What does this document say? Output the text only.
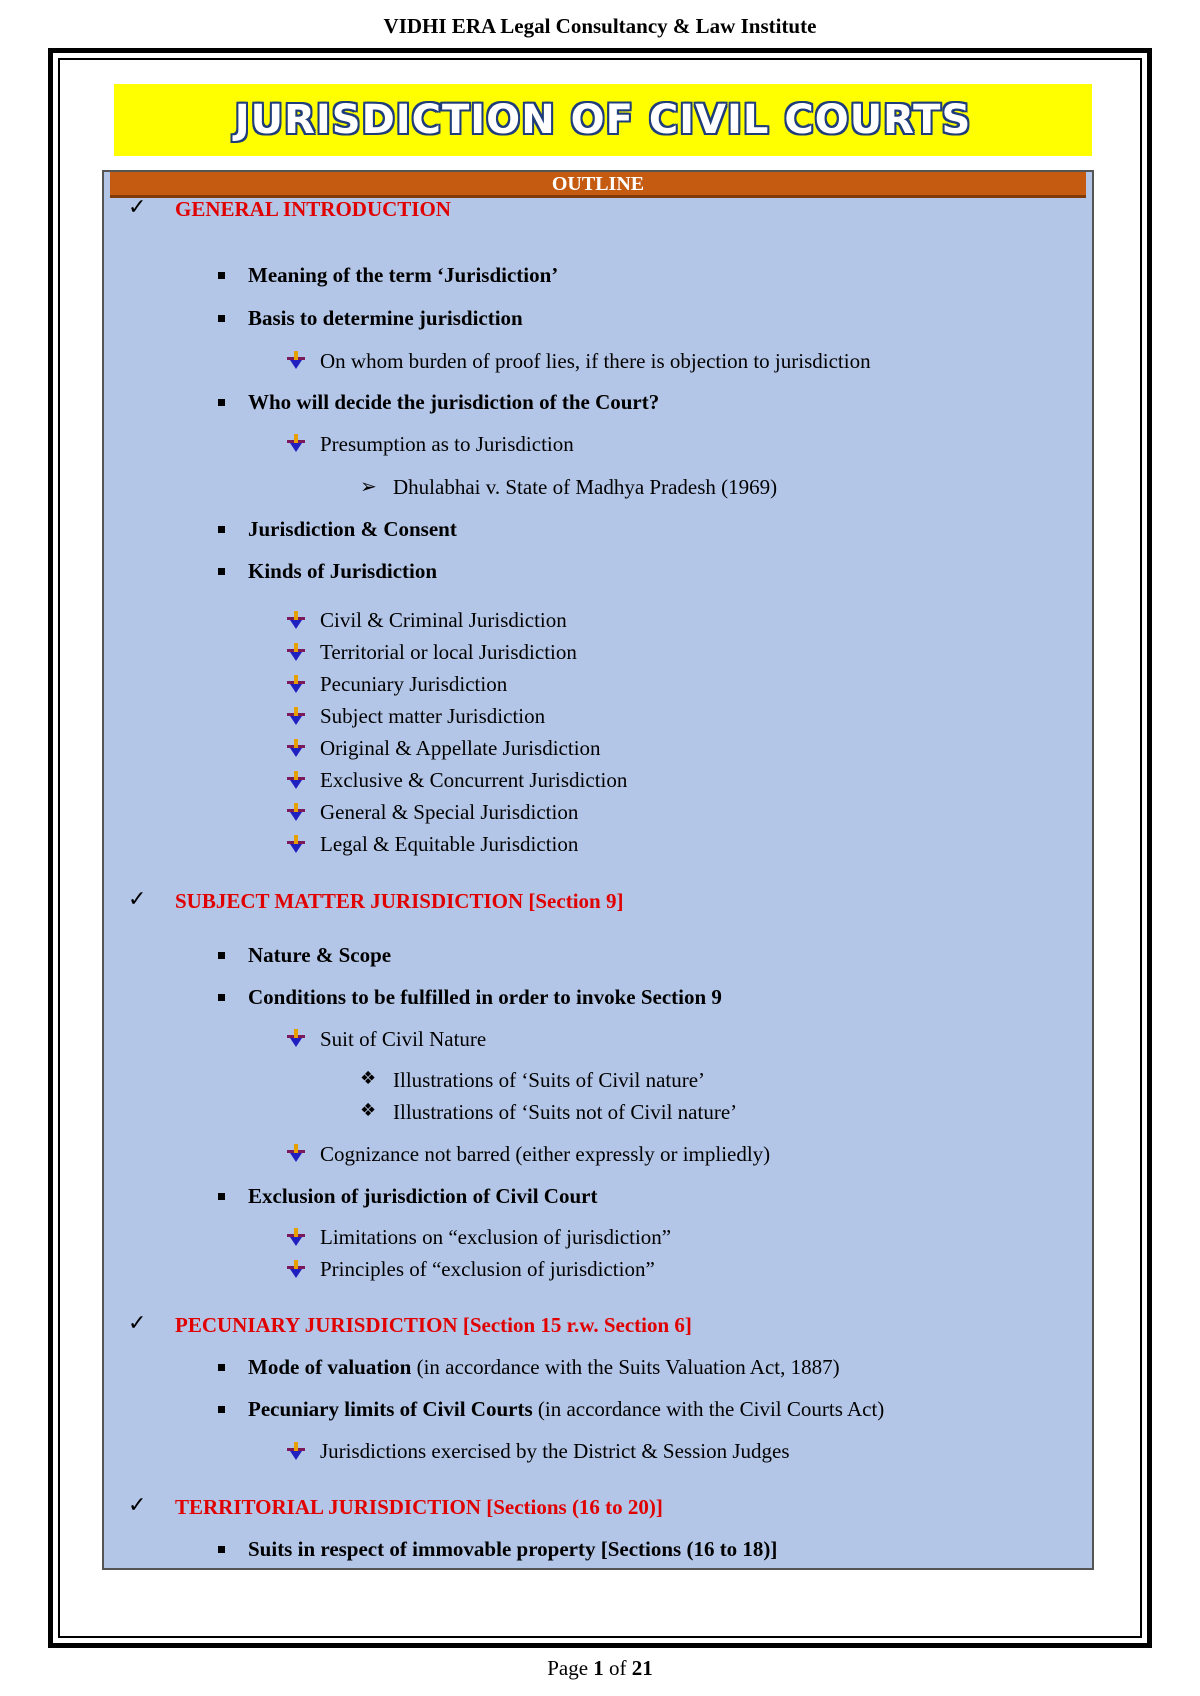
VIDHI ERA Legal Consultancy & Law Institute
JURISDICTION OF CIVIL COURTS
OUTLINE
✓ GENERAL INTRODUCTION
Meaning of the term ‘Jurisdiction’
Basis to determine jurisdiction
On whom burden of proof lies, if there is objection to jurisdiction
Who will decide the jurisdiction of the Court?
Presumption as to Jurisdiction
➢ Dhulabhai v. State of Madhya Pradesh (1969)
Jurisdiction & Consent
Kinds of Jurisdiction
Civil & Criminal Jurisdiction
Territorial or local Jurisdiction
Pecuniary Jurisdiction
Subject matter Jurisdiction
Original & Appellate Jurisdiction
Exclusive & Concurrent Jurisdiction
General & Special Jurisdiction
Legal & Equitable Jurisdiction
✓ SUBJECT MATTER JURISDICTION [Section 9]
Nature & Scope
Conditions to be fulfilled in order to invoke Section 9
Suit of Civil Nature
❖ Illustrations of ‘Suits of Civil nature’
❖ Illustrations of ‘Suits not of Civil nature’
Cognizance not barred (either expressly or impliedly)
Exclusion of jurisdiction of Civil Court
Limitations on “exclusion of jurisdiction”
Principles of “exclusion of jurisdiction”
✓ PECUNIARY JURISDICTION [Section 15 r.w. Section 6]
Mode of valuation (in accordance with the Suits Valuation Act, 1887)
Pecuniary limits of Civil Courts (in accordance with the Civil Courts Act)
Jurisdictions exercised by the District & Session Judges
✓ TERRITORIAL JURISDICTION [Sections (16 to 20)]
Suits in respect of immovable property [Sections (16 to 18)]
Page 1 of 21
